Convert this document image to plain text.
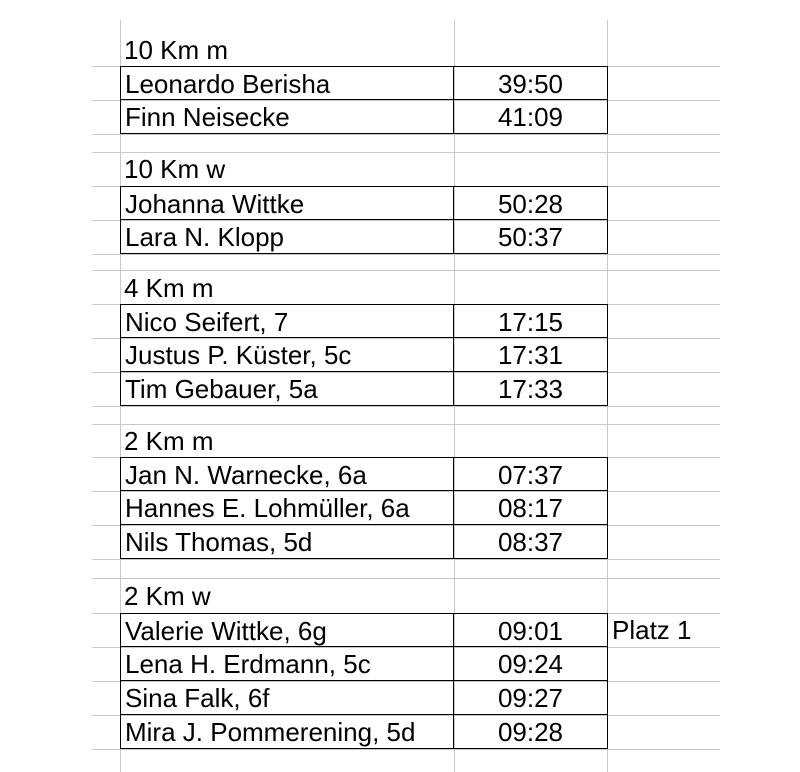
10 Km m
Leonardo Berisha	39:50
Finn Neisecke	41:09
10 Km w
Johanna Wittke	50:28
Lara N. Klopp	50:37
4 Km m
Nico Seifert, 7	17:15
Justus P. Küster, 5c	17:31
Tim Gebauer, 5a	17:33
2 Km m
Jan N. Warnecke, 6a	07:37
Hannes E. Lohmüller, 6a	08:17
Nils Thomas, 5d	08:37
2 Km w
Valerie Wittke, 6g	09:01	Platz 1
Lena H. Erdmann, 5c	09:24
Sina Falk, 6f	09:27
Mira J. Pommerening, 5d	09:28
